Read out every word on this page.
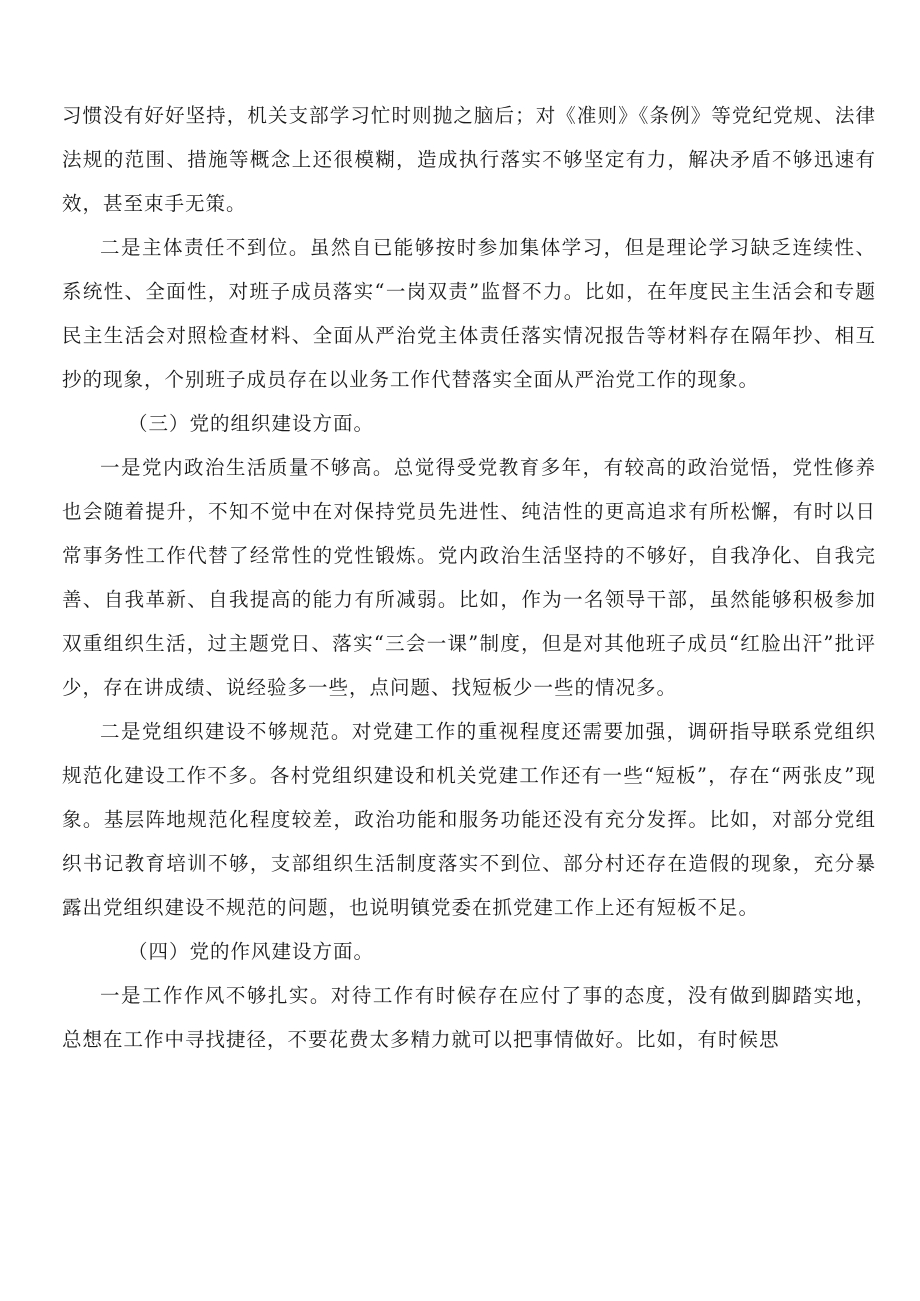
习惯没有好好坚持，机关支部学习忙时则抛之脑后；对《准则》《条例》等党纪党规、法律法规的范围、措施等概念上还很模糊，造成执行落实不够坚定有力，解决矛盾不够迅速有效，甚至束手无策。

二是主体责任不到位。虽然自已能够按时参加集体学习，但是理论学习缺乏连续性、系统性、全面性，对班子成员落实“一岗双责”监督不力。比如，在年度民主生活会和专题民主生活会对照检查材料、全面从严治党主体责任落实情况报告等材料存在隔年抄、相互抄的现象，个别班子成员存在以业务工作代替落实全面从严治党工作的现象。

（三）党的组织建设方面。

一是党内政治生活质量不够高。总觉得受党教育多年，有较高的政治觉悟，党性修养也会随着提升，不知不觉中在对保持党员先进性、纯洁性的更高追求有所松懈，有时以日常事务性工作代替了经常性的党性锻炼。党内政治生活坚持的不够好，自我净化、自我完善、自我革新、自我提高的能力有所减弱。比如，作为一名领导干部，虽然能够积极参加双重组织生活，过主题党日、落实“三会一课”制度，但是对其他班子成员“红脸出汗”批评少，存在讲成绩、说经验多一些，点问题、找短板少一些的情况多。

二是党组织建设不够规范。对党建工作的重视程度还需要加强，调研指导联系党组织规范化建设工作不多。各村党组织建设和机关党建工作还有一些“短板”，存在“两张皮”现象。基层阵地规范化程度较差，政治功能和服务功能还没有充分发挥。比如，对部分党组织书记教育培训不够，支部组织生活制度落实不到位、部分村还存在造假的现象，充分暴露出党组织建设不规范的问题，也说明镇党委在抓党建工作上还有短板不足。

（四）党的作风建设方面。

一是工作作风不够扎实。对待工作有时候存在应付了事的态度，没有做到脚踏实地，总想在工作中寻找捷径，不要花费太多精力就可以把事情做好。比如，有时候思
